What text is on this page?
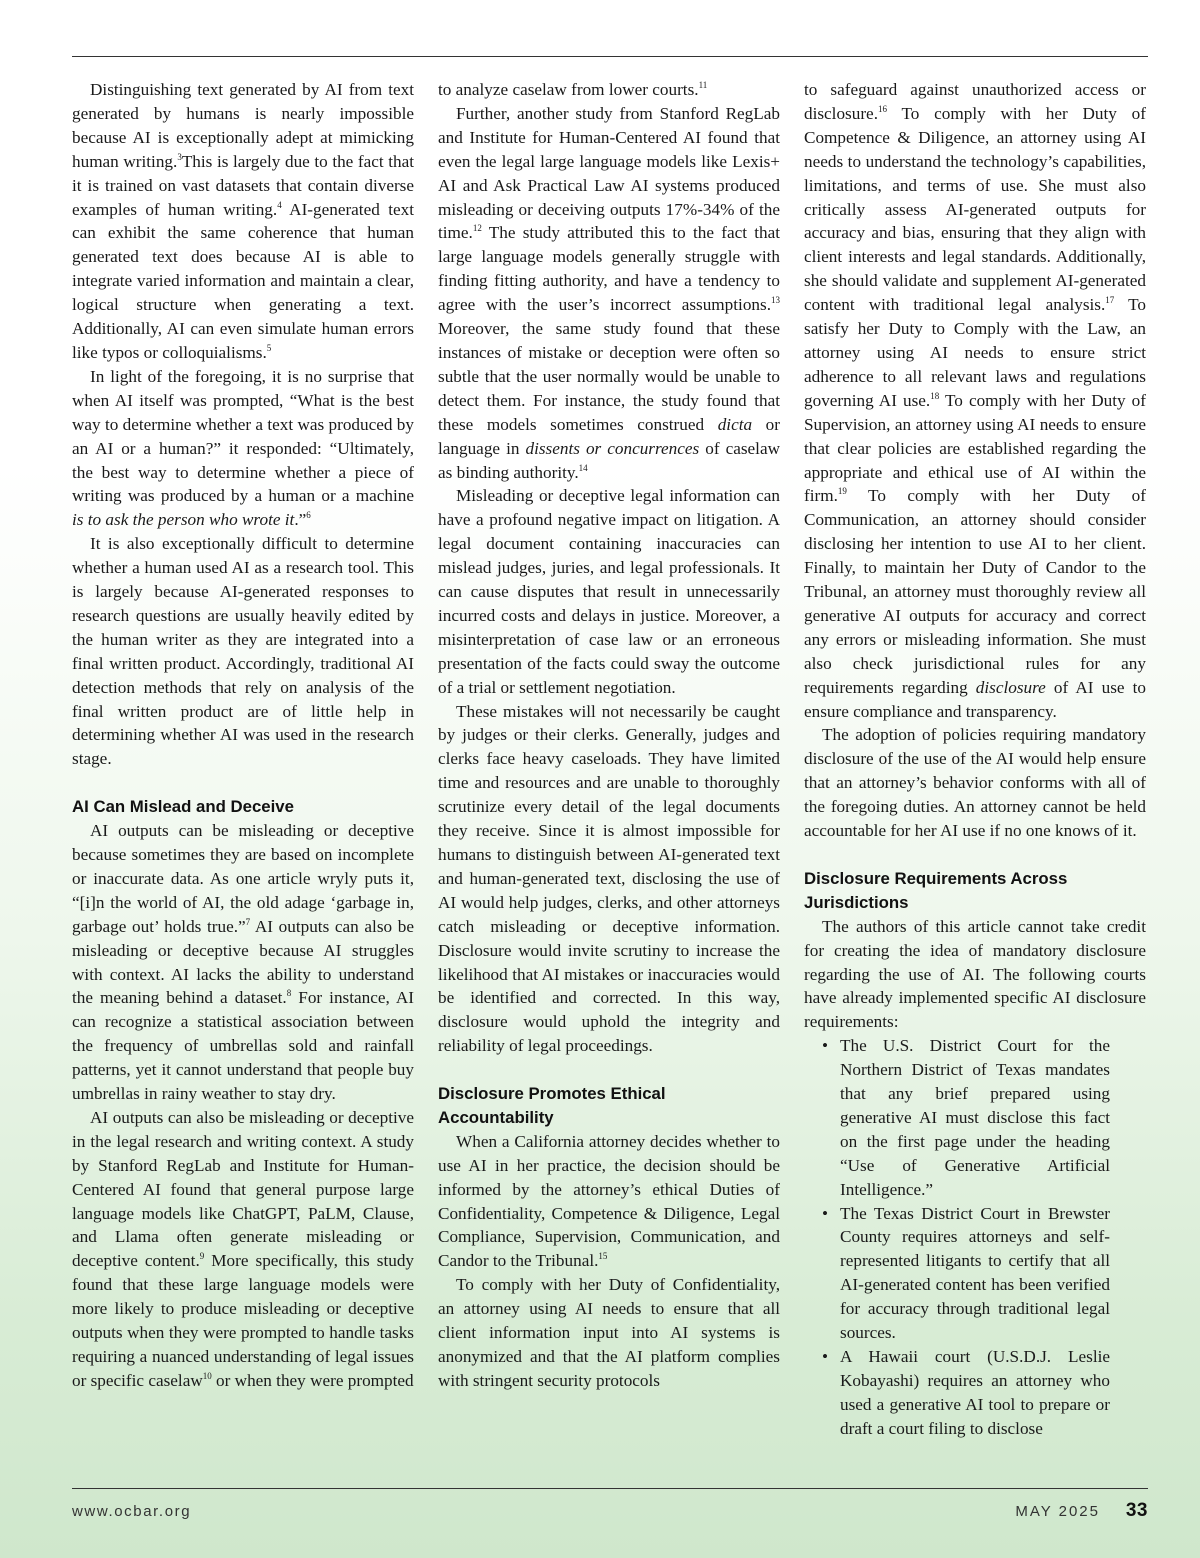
Distinguishing text generated by AI from text generated by humans is nearly impossible because AI is exceptionally adept at mimicking human writing.$^3$This is largely due to the fact that it is trained on vast datasets that contain diverse examples of human writing.$^4$ AI-generated text can exhibit the same coherence that human generated text does because AI is able to integrate varied information and maintain a clear, logical structure when generating a text. Additionally, AI can even simulate human errors like typos or colloquialisms.$^5$

In light of the foregoing, it is no surprise that when AI itself was prompted, “What is the best way to determine whether a text was produced by an AI or a human?” it responded: “Ultimately, the best way to determine whether a piece of writing was produced by a human or a machine is to ask the person who wrote it.”$^6$

It is also exceptionally difficult to determine whether a human used AI as a research tool. This is largely because AI-generated responses to research questions are usually heavily edited by the human writer as they are integrated into a final written product. Accordingly, traditional AI detection methods that rely on analysis of the final written product are of little help in determining whether AI was used in the research stage.

AI Can Mislead and Deceive

AI outputs can be misleading or deceptive because sometimes they are based on incomplete or inaccurate data. As one article wryly puts it, “[i]n the world of AI, the old adage ‘garbage in, garbage out’ holds true.”$^7$ AI outputs can also be misleading or deceptive because AI struggles with context. AI lacks the ability to understand the meaning behind a dataset.$^8$ For instance, AI can recognize a statistical association between the frequency of umbrellas sold and rainfall patterns, yet it cannot understand that people buy umbrellas in rainy weather to stay dry.

AI outputs can also be misleading or deceptive in the legal research and writing context. A study by Stanford RegLab and Institute for Human-Centered AI found that general purpose large language models like ChatGPT, PaLM, Clause, and Llama often generate misleading or deceptive content.$^9$ More specifically, this study found that these large language models were more likely to produce misleading or deceptive outputs when they were prompted to handle tasks requiring a nuanced understanding of legal issues or specific caselaw$^{10}$ or when they were prompted

to analyze caselaw from lower courts.$^{11}$

Further, another study from Stanford RegLab and Institute for Human-Centered AI found that even the legal large language models like Lexis+ AI and Ask Practical Law AI systems produced misleading or deceiving outputs 17%-34% of the time.$^{12}$ The study attributed this to the fact that large language models generally struggle with finding fitting authority, and have a tendency to agree with the user’s incorrect assumptions.$^{13}$ Moreover, the same study found that these instances of mistake or deception were often so subtle that the user normally would be unable to detect them. For instance, the study found that these models sometimes construed dicta or language in dissents or concurrences of caselaw as binding authority.$^{14}$

Misleading or deceptive legal information can have a profound negative impact on litigation. A legal document containing inaccuracies can mislead judges, juries, and legal professionals. It can cause disputes that result in unnecessarily incurred costs and delays in justice. Moreover, a misinterpretation of case law or an erroneous presentation of the facts could sway the outcome of a trial or settlement negotiation.

These mistakes will not necessarily be caught by judges or their clerks. Generally, judges and clerks face heavy caseloads. They have limited time and resources and are unable to thoroughly scrutinize every detail of the legal documents they receive. Since it is almost impossible for humans to distinguish between AI-generated text and human-generated text, disclosing the use of AI would help judges, clerks, and other attorneys catch misleading or deceptive information. Disclosure would invite scrutiny to increase the likelihood that AI mistakes or inaccuracies would be identified and corrected. In this way, disclosure would uphold the integrity and reliability of legal proceedings.

Disclosure Promotes Ethical Accountability

When a California attorney decides whether to use AI in her practice, the decision should be informed by the attorney’s ethical Duties of Confidentiality, Competence & Diligence, Legal Compliance, Supervision, Communication, and Candor to the Tribunal.$^{15}$

To comply with her Duty of Confidentiality, an attorney using AI needs to ensure that all client information input into AI systems is anonymized and that the AI platform complies with stringent security protocols

to safeguard against unauthorized access or disclosure.$^{16}$ To comply with her Duty of Competence & Diligence, an attorney using AI needs to understand the technology’s capabilities, limitations, and terms of use. She must also critically assess AI-generated outputs for accuracy and bias, ensuring that they align with client interests and legal standards. Additionally, she should validate and supplement AI-generated content with traditional legal analysis.$^{17}$ To satisfy her Duty to Comply with the Law, an attorney using AI needs to ensure strict adherence to all relevant laws and regulations governing AI use.$^{18}$ To comply with her Duty of Supervision, an attorney using AI needs to ensure that clear policies are established regarding the appropriate and ethical use of AI within the firm.$^{19}$ To comply with her Duty of Communication, an attorney should consider disclosing her intention to use AI to her client. Finally, to maintain her Duty of Candor to the Tribunal, an attorney must thoroughly review all generative AI outputs for accuracy and correct any errors or misleading information. She must also check jurisdictional rules for any requirements regarding disclosure of AI use to ensure compliance and transparency.

The adoption of policies requiring mandatory disclosure of the use of the AI would help ensure that an attorney’s behavior conforms with all of the foregoing duties. An attorney cannot be held accountable for her AI use if no one knows of it.

Disclosure Requirements Across Jurisdictions

The authors of this article cannot take credit for creating the idea of mandatory disclosure regarding the use of AI. The following courts have already implemented specific AI disclosure requirements:

• The U.S. District Court for the Northern District of Texas mandates that any brief prepared using generative AI must disclose this fact on the first page under the heading “Use of Generative Artificial Intelligence.”
• The Texas District Court in Brewster County requires attorneys and self-represented litigants to certify that all AI-generated content has been verified for accuracy through traditional legal sources.
• A Hawaii court (U.S.D.J. Leslie Kobayashi) requires an attorney who used a generative AI tool to prepare or draft a court filing to disclose
www.ocbar.org	MAY 2025 33
